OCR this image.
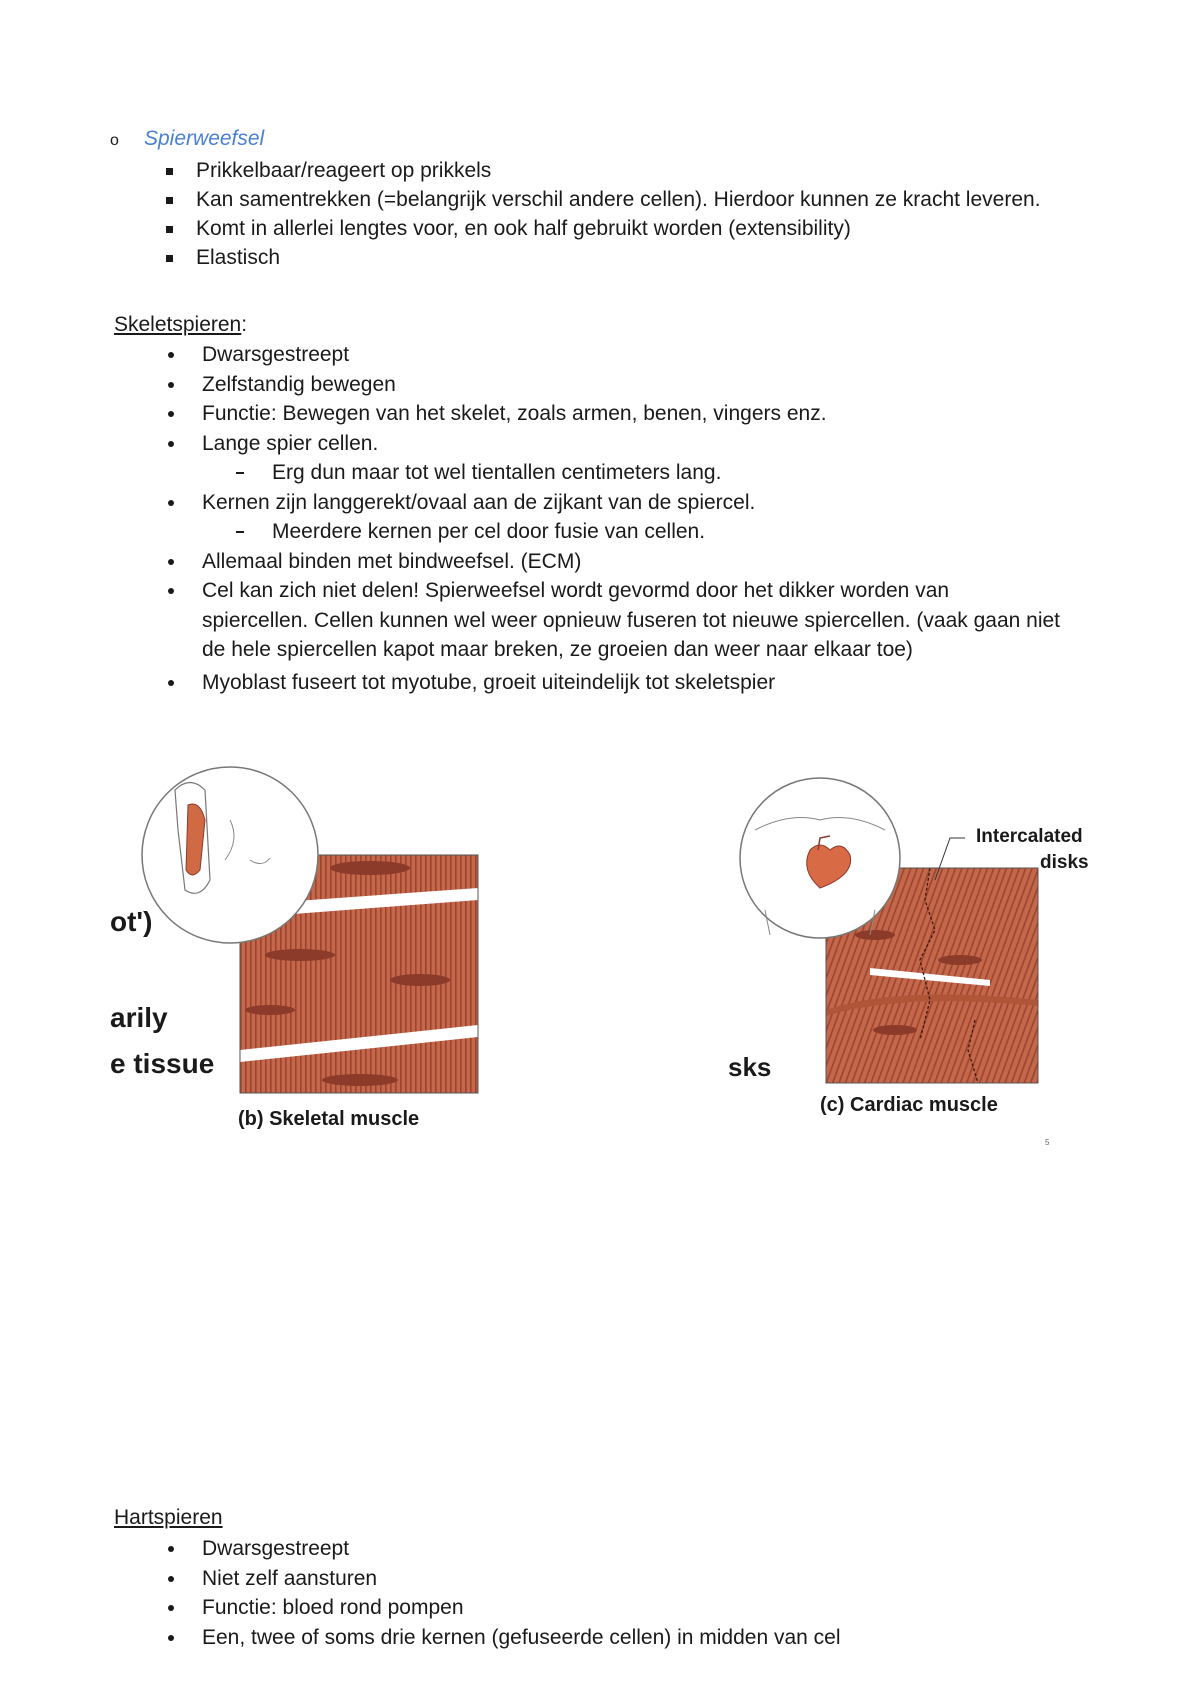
o	Spierweefsel
Prikkelbaar/reageert op prikkels
Kan samentrekken (=belangrijk verschil andere cellen). Hierdoor kunnen ze kracht leveren.
Komt in allerlei lengtes voor, en ook half gebruikt worden (extensibility)
Elastisch
Skeletspieren:
Dwarsgestreept
Zelfstandig bewegen
Functie: Bewegen van het skelet, zoals armen, benen, vingers enz.
Lange spier cellen.
Erg dun maar tot wel tientallen centimeters lang.
Kernen zijn langgerekt/ovaal aan de zijkant van de spiercel.
Meerdere kernen per cel door fusie van cellen.
Allemaal binden met bindweefsel. (ECM)
Cel kan zich niet delen! Spierweefsel wordt gevormd door het dikker worden van spiercellen. Cellen kunnen wel weer opnieuw fuseren tot nieuwe spiercellen. (vaak gaan niet de hele spiercellen kapot maar breken, ze groeien dan weer naar elkaar toe)
Myoblast fuseert tot myotube, groeit uiteindelijk tot skeletspier
ot')
arily
e tissue
(b) Skeletal muscle
sks
Intercalated
disks
(c) Cardiac muscle
5
Hartspieren
Dwarsgestreept
Niet zelf aansturen
Functie: bloed rond pompen
Een, twee of soms drie kernen (gefuseerde cellen) in midden van cel
